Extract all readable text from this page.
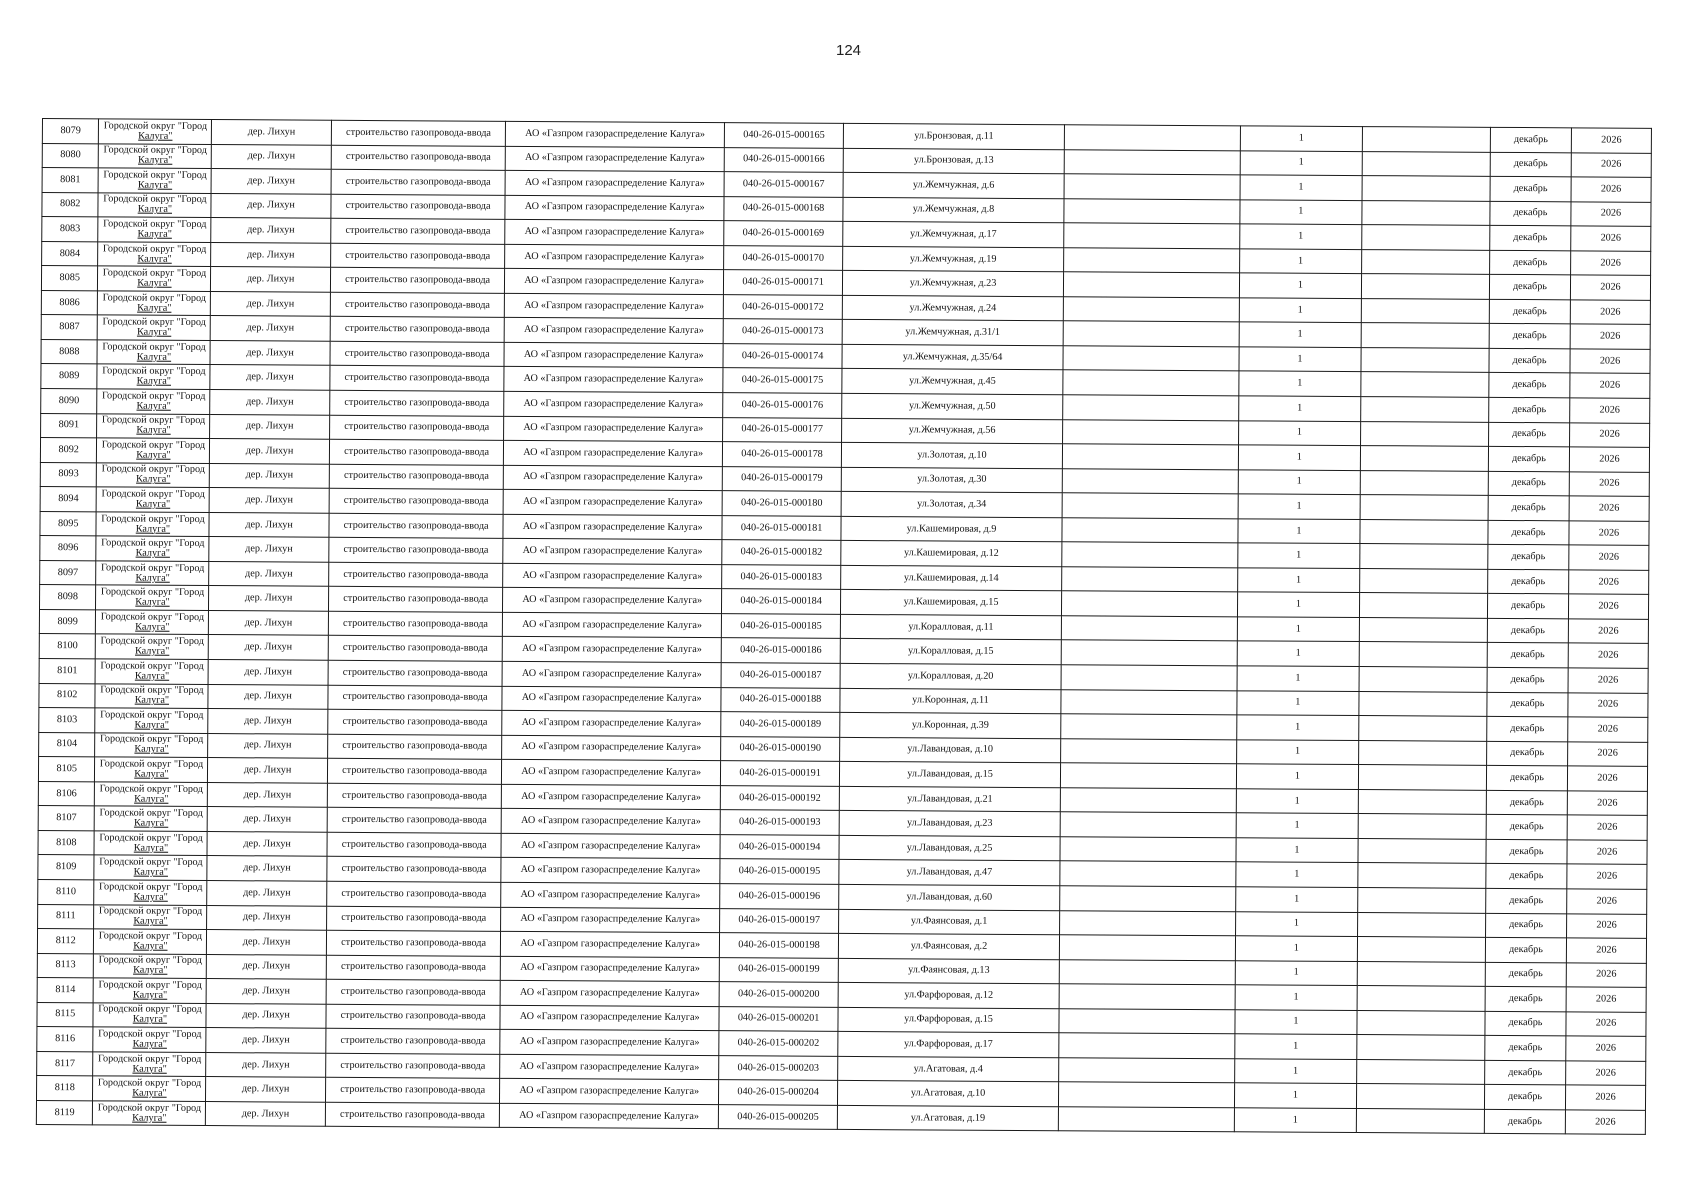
124
8079	Городской округ "Город
Калуга"	дер. Лихун	строительство газопровода-ввода	АО «Газпром газораспределение Калуга»	040-26-015-000165	ул.Бронзовая, д.11		1		декабрь	2026
8080	Городской округ "Город
Калуга"	дер. Лихун	строительство газопровода-ввода	АО «Газпром газораспределение Калуга»	040-26-015-000166	ул.Бронзовая, д.13		1		декабрь	2026
8081	Городской округ "Город
Калуга"	дер. Лихун	строительство газопровода-ввода	АО «Газпром газораспределение Калуга»	040-26-015-000167	ул.Жемчужная, д.6		1		декабрь	2026
8082	Городской округ "Город
Калуга"	дер. Лихун	строительство газопровода-ввода	АО «Газпром газораспределение Калуга»	040-26-015-000168	ул.Жемчужная, д.8		1		декабрь	2026
8083	Городской округ "Город
Калуга"	дер. Лихун	строительство газопровода-ввода	АО «Газпром газораспределение Калуга»	040-26-015-000169	ул.Жемчужная, д.17		1		декабрь	2026
8084	Городской округ "Город
Калуга"	дер. Лихун	строительство газопровода-ввода	АО «Газпром газораспределение Калуга»	040-26-015-000170	ул.Жемчужная, д.19		1		декабрь	2026
8085	Городской округ "Город
Калуга"	дер. Лихун	строительство газопровода-ввода	АО «Газпром газораспределение Калуга»	040-26-015-000171	ул.Жемчужная, д.23		1		декабрь	2026
8086	Городской округ "Город
Калуга"	дер. Лихун	строительство газопровода-ввода	АО «Газпром газораспределение Калуга»	040-26-015-000172	ул.Жемчужная, д.24		1		декабрь	2026
8087	Городской округ "Город
Калуга"	дер. Лихун	строительство газопровода-ввода	АО «Газпром газораспределение Калуга»	040-26-015-000173	ул.Жемчужная, д.31/1		1		декабрь	2026
8088	Городской округ "Город
Калуга"	дер. Лихун	строительство газопровода-ввода	АО «Газпром газораспределение Калуга»	040-26-015-000174	ул.Жемчужная, д.35/64		1		декабрь	2026
8089	Городской округ "Город
Калуга"	дер. Лихун	строительство газопровода-ввода	АО «Газпром газораспределение Калуга»	040-26-015-000175	ул.Жемчужная, д.45		1		декабрь	2026
8090	Городской округ "Город
Калуга"	дер. Лихун	строительство газопровода-ввода	АО «Газпром газораспределение Калуга»	040-26-015-000176	ул.Жемчужная, д.50		1		декабрь	2026
8091	Городской округ "Город
Калуга"	дер. Лихун	строительство газопровода-ввода	АО «Газпром газораспределение Калуга»	040-26-015-000177	ул.Жемчужная, д.56		1		декабрь	2026
8092	Городской округ "Город
Калуга"	дер. Лихун	строительство газопровода-ввода	АО «Газпром газораспределение Калуга»	040-26-015-000178	ул.Золотая, д.10		1		декабрь	2026
8093	Городской округ "Город
Калуга"	дер. Лихун	строительство газопровода-ввода	АО «Газпром газораспределение Калуга»	040-26-015-000179	ул.Золотая, д.30		1		декабрь	2026
8094	Городской округ "Город
Калуга"	дер. Лихун	строительство газопровода-ввода	АО «Газпром газораспределение Калуга»	040-26-015-000180	ул.Золотая, д.34		1		декабрь	2026
8095	Городской округ "Город
Калуга"	дер. Лихун	строительство газопровода-ввода	АО «Газпром газораспределение Калуга»	040-26-015-000181	ул.Кашемировая, д.9		1		декабрь	2026
8096	Городской округ "Город
Калуга"	дер. Лихун	строительство газопровода-ввода	АО «Газпром газораспределение Калуга»	040-26-015-000182	ул.Кашемировая, д.12		1		декабрь	2026
8097	Городской округ "Город
Калуга"	дер. Лихун	строительство газопровода-ввода	АО «Газпром газораспределение Калуга»	040-26-015-000183	ул.Кашемировая, д.14		1		декабрь	2026
8098	Городской округ "Город
Калуга"	дер. Лихун	строительство газопровода-ввода	АО «Газпром газораспределение Калуга»	040-26-015-000184	ул.Кашемировая, д.15		1		декабрь	2026
8099	Городской округ "Город
Калуга"	дер. Лихун	строительство газопровода-ввода	АО «Газпром газораспределение Калуга»	040-26-015-000185	ул.Коралловая, д.11		1		декабрь	2026
8100	Городской округ "Город
Калуга"	дер. Лихун	строительство газопровода-ввода	АО «Газпром газораспределение Калуга»	040-26-015-000186	ул.Коралловая, д.15		1		декабрь	2026
8101	Городской округ "Город
Калуга"	дер. Лихун	строительство газопровода-ввода	АО «Газпром газораспределение Калуга»	040-26-015-000187	ул.Коралловая, д.20		1		декабрь	2026
8102	Городской округ "Город
Калуга"	дер. Лихун	строительство газопровода-ввода	АО «Газпром газораспределение Калуга»	040-26-015-000188	ул.Коронная, д.11		1		декабрь	2026
8103	Городской округ "Город
Калуга"	дер. Лихун	строительство газопровода-ввода	АО «Газпром газораспределение Калуга»	040-26-015-000189	ул.Коронная, д.39		1		декабрь	2026
8104	Городской округ "Город
Калуга"	дер. Лихун	строительство газопровода-ввода	АО «Газпром газораспределение Калуга»	040-26-015-000190	ул.Лавандовая, д.10		1		декабрь	2026
8105	Городской округ "Город
Калуга"	дер. Лихун	строительство газопровода-ввода	АО «Газпром газораспределение Калуга»	040-26-015-000191	ул.Лавандовая, д.15		1		декабрь	2026
8106	Городской округ "Город
Калуга"	дер. Лихун	строительство газопровода-ввода	АО «Газпром газораспределение Калуга»	040-26-015-000192	ул.Лавандовая, д.21		1		декабрь	2026
8107	Городской округ "Город
Калуга"	дер. Лихун	строительство газопровода-ввода	АО «Газпром газораспределение Калуга»	040-26-015-000193	ул.Лавандовая, д.23		1		декабрь	2026
8108	Городской округ "Город
Калуга"	дер. Лихун	строительство газопровода-ввода	АО «Газпром газораспределение Калуга»	040-26-015-000194	ул.Лавандовая, д.25		1		декабрь	2026
8109	Городской округ "Город
Калуга"	дер. Лихун	строительство газопровода-ввода	АО «Газпром газораспределение Калуга»	040-26-015-000195	ул.Лавандовая, д.47		1		декабрь	2026
8110	Городской округ "Город
Калуга"	дер. Лихун	строительство газопровода-ввода	АО «Газпром газораспределение Калуга»	040-26-015-000196	ул.Лавандовая, д.60		1		декабрь	2026
8111	Городской округ "Город
Калуга"	дер. Лихун	строительство газопровода-ввода	АО «Газпром газораспределение Калуга»	040-26-015-000197	ул.Фаянсовая, д.1		1		декабрь	2026
8112	Городской округ "Город
Калуга"	дер. Лихун	строительство газопровода-ввода	АО «Газпром газораспределение Калуга»	040-26-015-000198	ул.Фаянсовая, д.2		1		декабрь	2026
8113	Городской округ "Город
Калуга"	дер. Лихун	строительство газопровода-ввода	АО «Газпром газораспределение Калуга»	040-26-015-000199	ул.Фаянсовая, д.13		1		декабрь	2026
8114	Городской округ "Город
Калуга"	дер. Лихун	строительство газопровода-ввода	АО «Газпром газораспределение Калуга»	040-26-015-000200	ул.Фарфоровая, д.12		1		декабрь	2026
8115	Городской округ "Город
Калуга"	дер. Лихун	строительство газопровода-ввода	АО «Газпром газораспределение Калуга»	040-26-015-000201	ул.Фарфоровая, д.15		1		декабрь	2026
8116	Городской округ "Город
Калуга"	дер. Лихун	строительство газопровода-ввода	АО «Газпром газораспределение Калуга»	040-26-015-000202	ул.Фарфоровая, д.17		1		декабрь	2026
8117	Городской округ "Город
Калуга"	дер. Лихун	строительство газопровода-ввода	АО «Газпром газораспределение Калуга»	040-26-015-000203	ул.Агатовая, д.4		1		декабрь	2026
8118	Городской округ "Город
Калуга"	дер. Лихун	строительство газопровода-ввода	АО «Газпром газораспределение Калуга»	040-26-015-000204	ул.Агатовая, д.10		1		декабрь	2026
8119	Городской округ "Город
Калуга"	дер. Лихун	строительство газопровода-ввода	АО «Газпром газораспределение Калуга»	040-26-015-000205	ул.Агатовая, д.19		1		декабрь	2026
